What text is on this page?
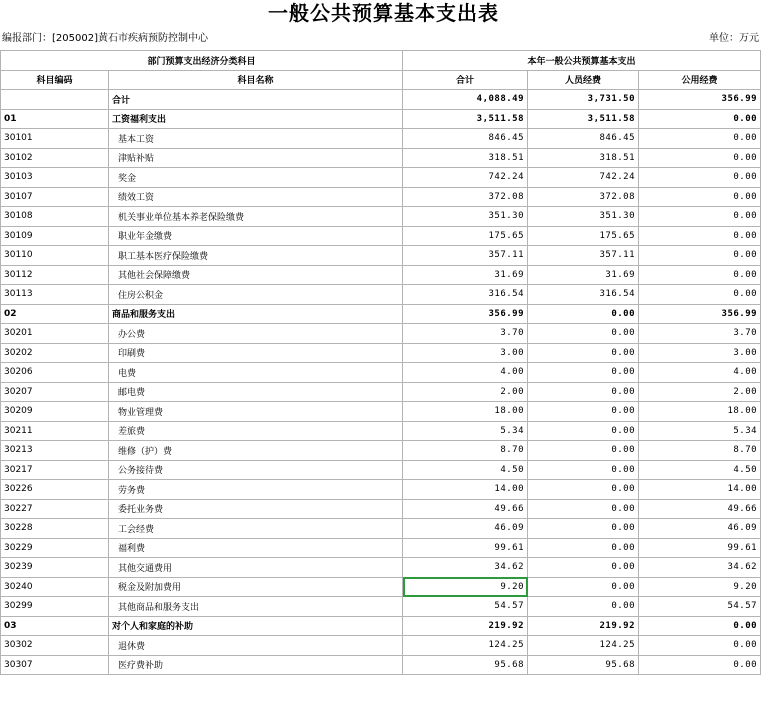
一般公共预算基本支出表
编报部门：[205002]黄石市疾病预防控制中心	单位：万元
部门预算支出经济分类科目		本年一般公共预算基本支出		
科目编码	科目名称	合计	人员经费	公用经费
	合计	4,088.49	3,731.50	356.99
01	工资福利支出	3,511.58	3,511.58	0.00
30101	基本工资	846.45	846.45	0.00
30102	津贴补贴	318.51	318.51	0.00
30103	奖金	742.24	742.24	0.00
30107	绩效工资	372.08	372.08	0.00
30108	机关事业单位基本养老保险缴费	351.30	351.30	0.00
30109	职业年金缴费	175.65	175.65	0.00
30110	职工基本医疗保险缴费	357.11	357.11	0.00
30112	其他社会保障缴费	31.69	31.69	0.00
30113	住房公积金	316.54	316.54	0.00
02	商品和服务支出	356.99	0.00	356.99
30201	办公费	3.70	0.00	3.70
30202	印刷费	3.00	0.00	3.00
30206	电费	4.00	0.00	4.00
30207	邮电费	2.00	0.00	2.00
30209	物业管理费	18.00	0.00	18.00
30211	差旅费	5.34	0.00	5.34
30213	维修（护）费	8.70	0.00	8.70
30217	公务接待费	4.50	0.00	4.50
30226	劳务费	14.00	0.00	14.00
30227	委托业务费	49.66	0.00	49.66
30228	工会经费	46.09	0.00	46.09
30229	福利费	99.61	0.00	99.61
30239	其他交通费用	34.62	0.00	34.62
30240	税金及附加费用	9.20	0.00	9.20
30299	其他商品和服务支出	54.57	0.00	54.57
03	对个人和家庭的补助	219.92	219.92	0.00
30302	退休费	124.25	124.25	0.00
30307	医疗费补助	95.68	95.68	0.00
